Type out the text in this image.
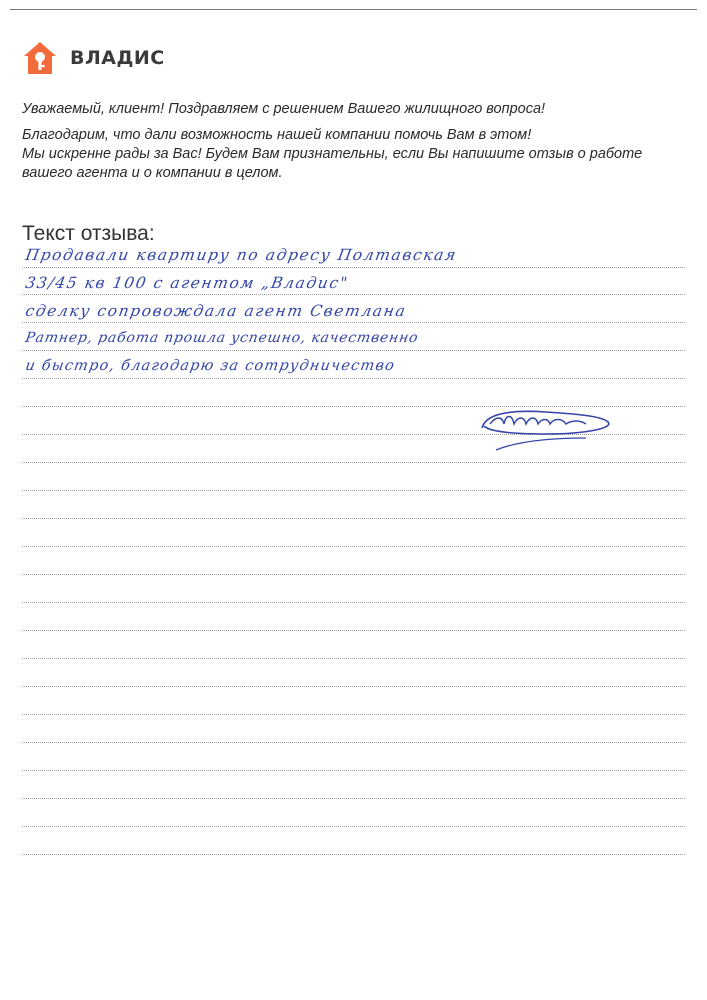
ВЛАДИС

Уважаемый, клиент! Поздравляем с решением Вашего жилищного вопроса!

Благодарим, что дали возможность нашей компании помочь Вам в этом!
Мы искренне рады за Вас! Будем Вам признательны, если Вы напишите отзыв о работе вашего агента и о компании в целом.

Текст отзыва:
Продавали квартиру по адресу Полтавская
33/45 кв 100 с агентом „Владис"
сделку сопровождала агент Светлана
Ратнер, работа прошла успешно, качественно
и быстро, благодарю за сотрудничество
